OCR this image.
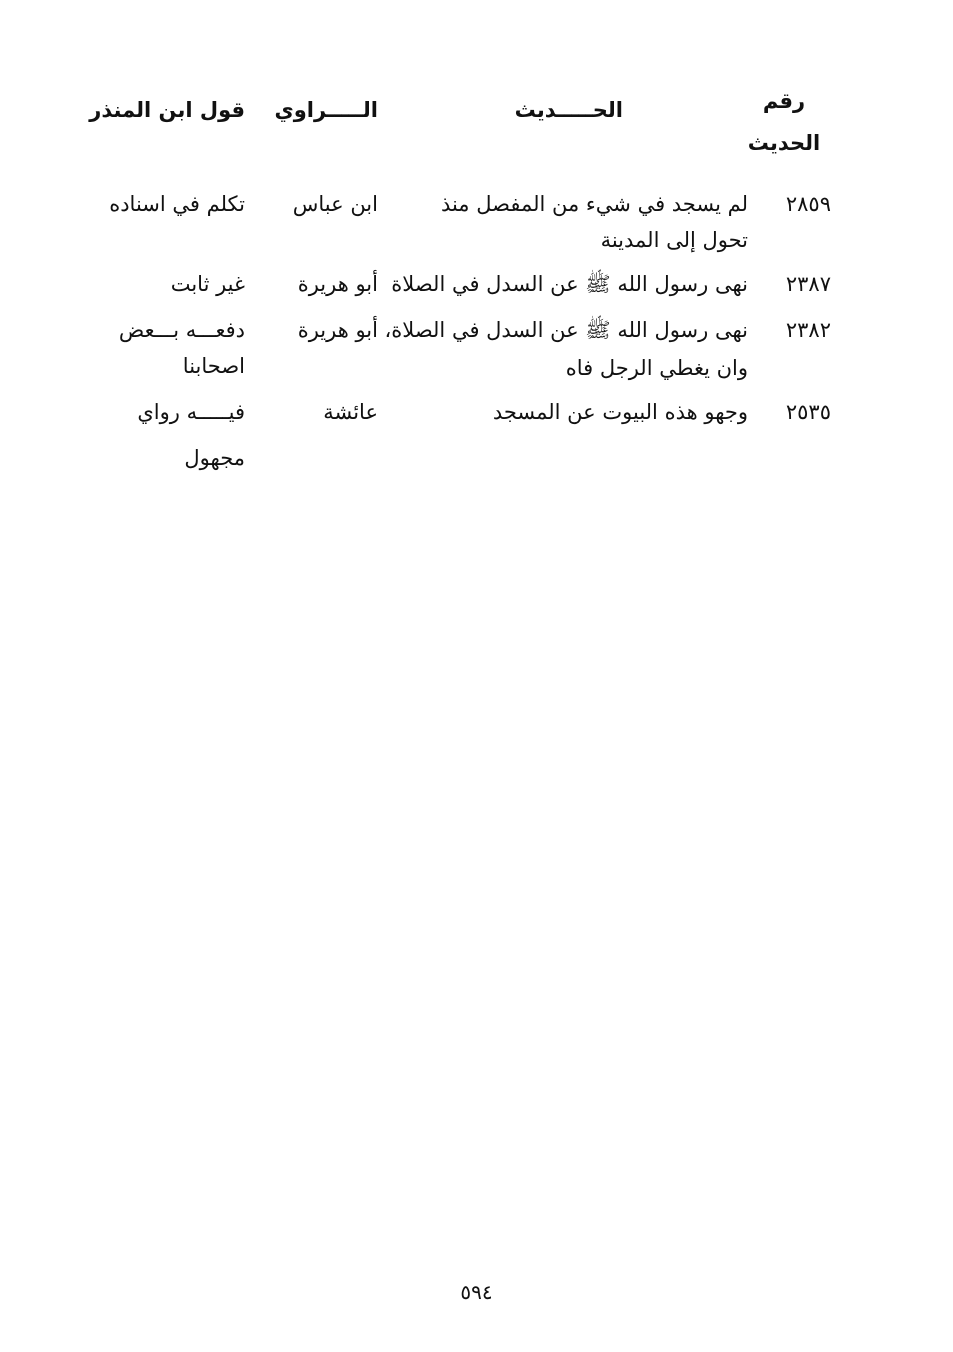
رقم
الحديث
الحـــــديث
الـــــراوي
قول ابن المنذر
٢٨٥٩
لم يسجد في شيء من المفصل منذ
تحول إلى المدينة
ابن عباس
تكلم في اسناده
٢٣٨٧
نهى رسول الله ﷺ عن السدل في الصلاة
أبو هريرة
غير ثابت
٢٣٨٢
نهى رسول الله ﷺ عن السدل في الصلاة،
وان يغطي الرجل فاه
أبو هريرة
دفعـــه بـــعض
اصحابنا
٢٥٣٥
وجهو هذه البيوت عن المسجد
عائشة
فيـــــه رواي
مجهول
٥٩٤
